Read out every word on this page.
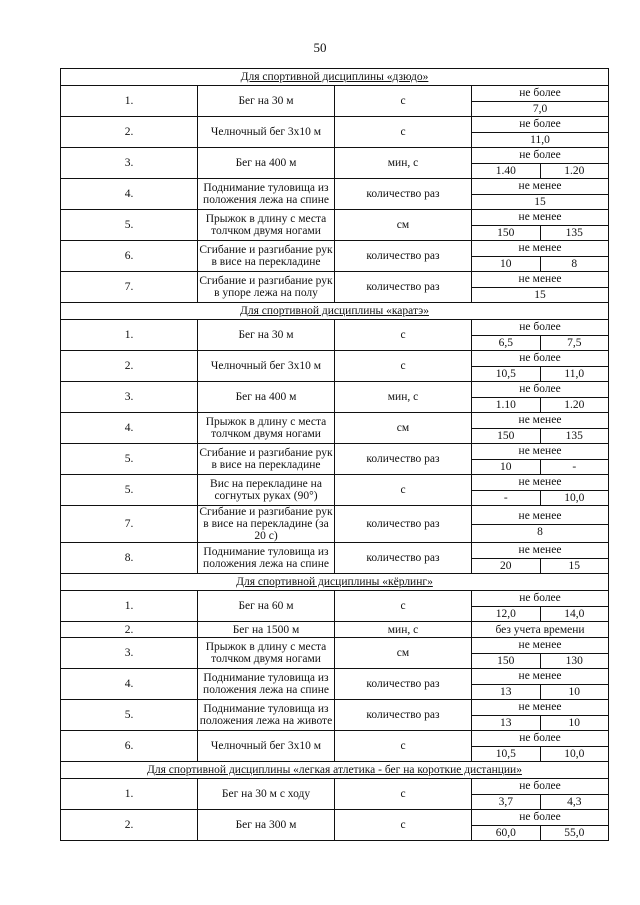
50
Для спортивной дисциплины «дзюдо»			
1.	Бег на 30 м	с	не более
7,0

2.	Челночный бег 3х10 м	с	не более
11,0

3.	Бег на 400 м	мин, с	не более
1.40 1.20

4.	Поднимание туловища из положения лежа на спине	количество раз	не менее
15

5.	Прыжок в длину с места толчком двумя ногами	см	не менее
150 135

6.	Сгибание и разгибание рук в висе на перекладине	количество раз	не менее
10 8

7.	Сгибание и разгибание рук в упоре лежа на полу	количество раз	не менее
15

Для спортивной дисциплины «каратэ»			
1.	Бег на 30 м	с	не более
6,5 7,5

2.	Челночный бег 3х10 м	с	не более
10,5 11,0

3.	Бег на 400 м	мин, с	не более
1.10 1.20

4.	Прыжок в длину с места толчком двумя ногами	см	не менее
150 135

5.	Сгибание и разгибание рук в висе на перекладине	количество раз	не менее
10 -

5.	Вис на перекладине на согнутых руках (90°)	с	не менее
- 10,0

7.	Сгибание и разгибание рук в висе на перекладине (за 20 с)	количество раз	не менее
8

8.	Поднимание туловища из положения лежа на спине	количество раз	не менее
20 15

Для спортивной дисциплины «кёрлинг»			
1.	Бег на 60 м	с	не более
12,0 14,0

2.	Бег на 1500 м	мин, с	без учета времени

3.	Прыжок в длину с места толчком двумя ногами	см	не менее
150 130

4.	Поднимание туловища из положения лежа на спине	количество раз	не менее
13 10

5.	Поднимание туловища из положения лежа на животе	количество раз	не менее
13 10

6.	Челночный бег 3х10 м	с	не более
10,5 10,0

Для спортивной дисциплины «легкая атлетика - бег на короткие дистанции»			
1.	Бег на 30 м с ходу	с	не более
3,7 4,3

2.	Бег на 300 м	с	не более
60,0 55,0
